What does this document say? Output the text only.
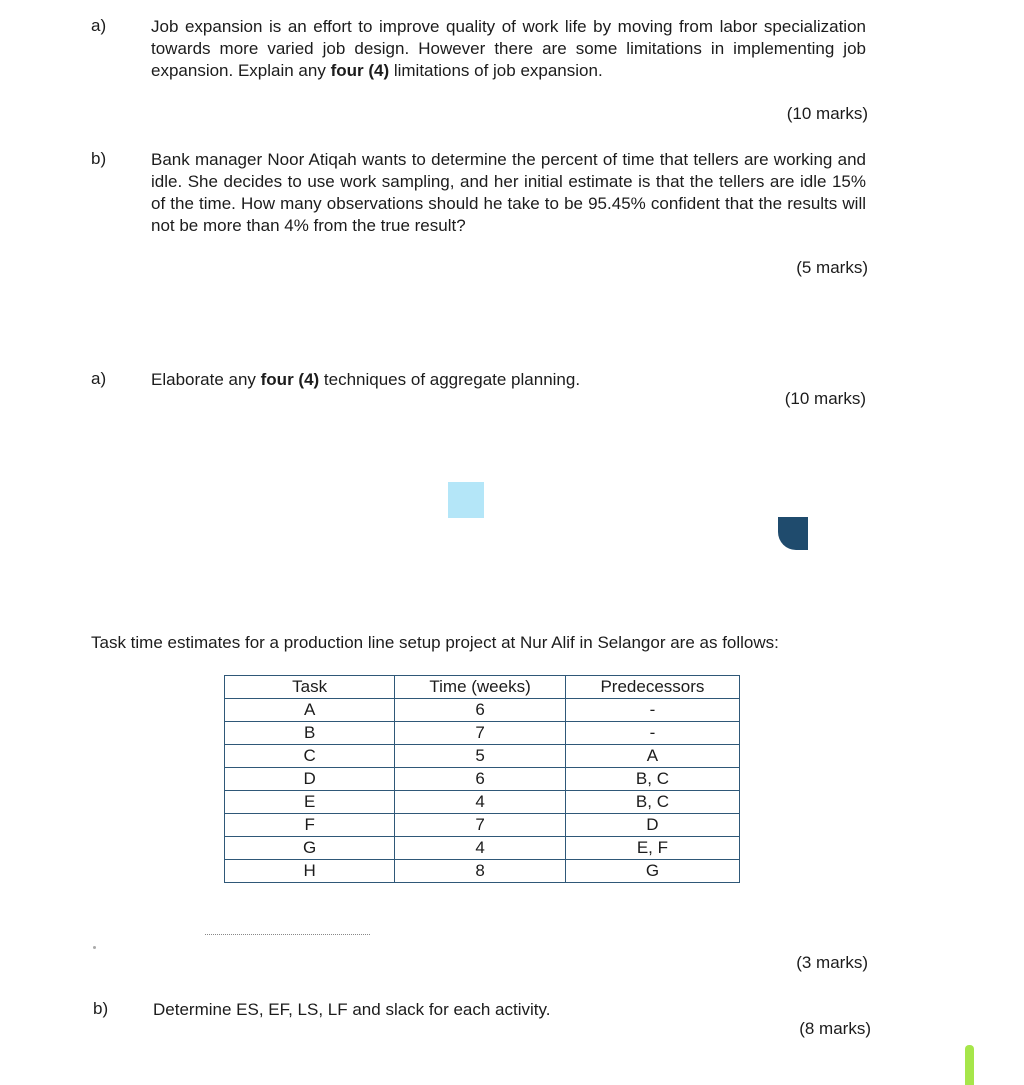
a)	Job expansion is an effort to improve quality of work life by moving from labor specialization towards more varied job design. However there are some limitations in implementing job expansion. Explain any four (4) limitations of job expansion.
(10 marks)
b)	Bank manager Noor Atiqah wants to determine the percent of time that tellers are working and idle. She decides to use work sampling, and her initial estimate is that the tellers are idle 15% of the time. How many observations should he take to be 95.45% confident that the results will not be more than 4% from the true result?
(5 marks)
a)	Elaborate any four (4) techniques of aggregate planning.
(10 marks)
Task time estimates for a production line setup project at Nur Alif in Selangor are as follows:
Task	Time (weeks)	Predecessors
A	6	-
B	7	-
C	5	A
D	6	B, C
E	4	B, C
F	7	D
G	4	E, F
H	8	G
(3 marks)
b)	Determine ES, EF, LS, LF and slack for each activity.
(8 marks)
